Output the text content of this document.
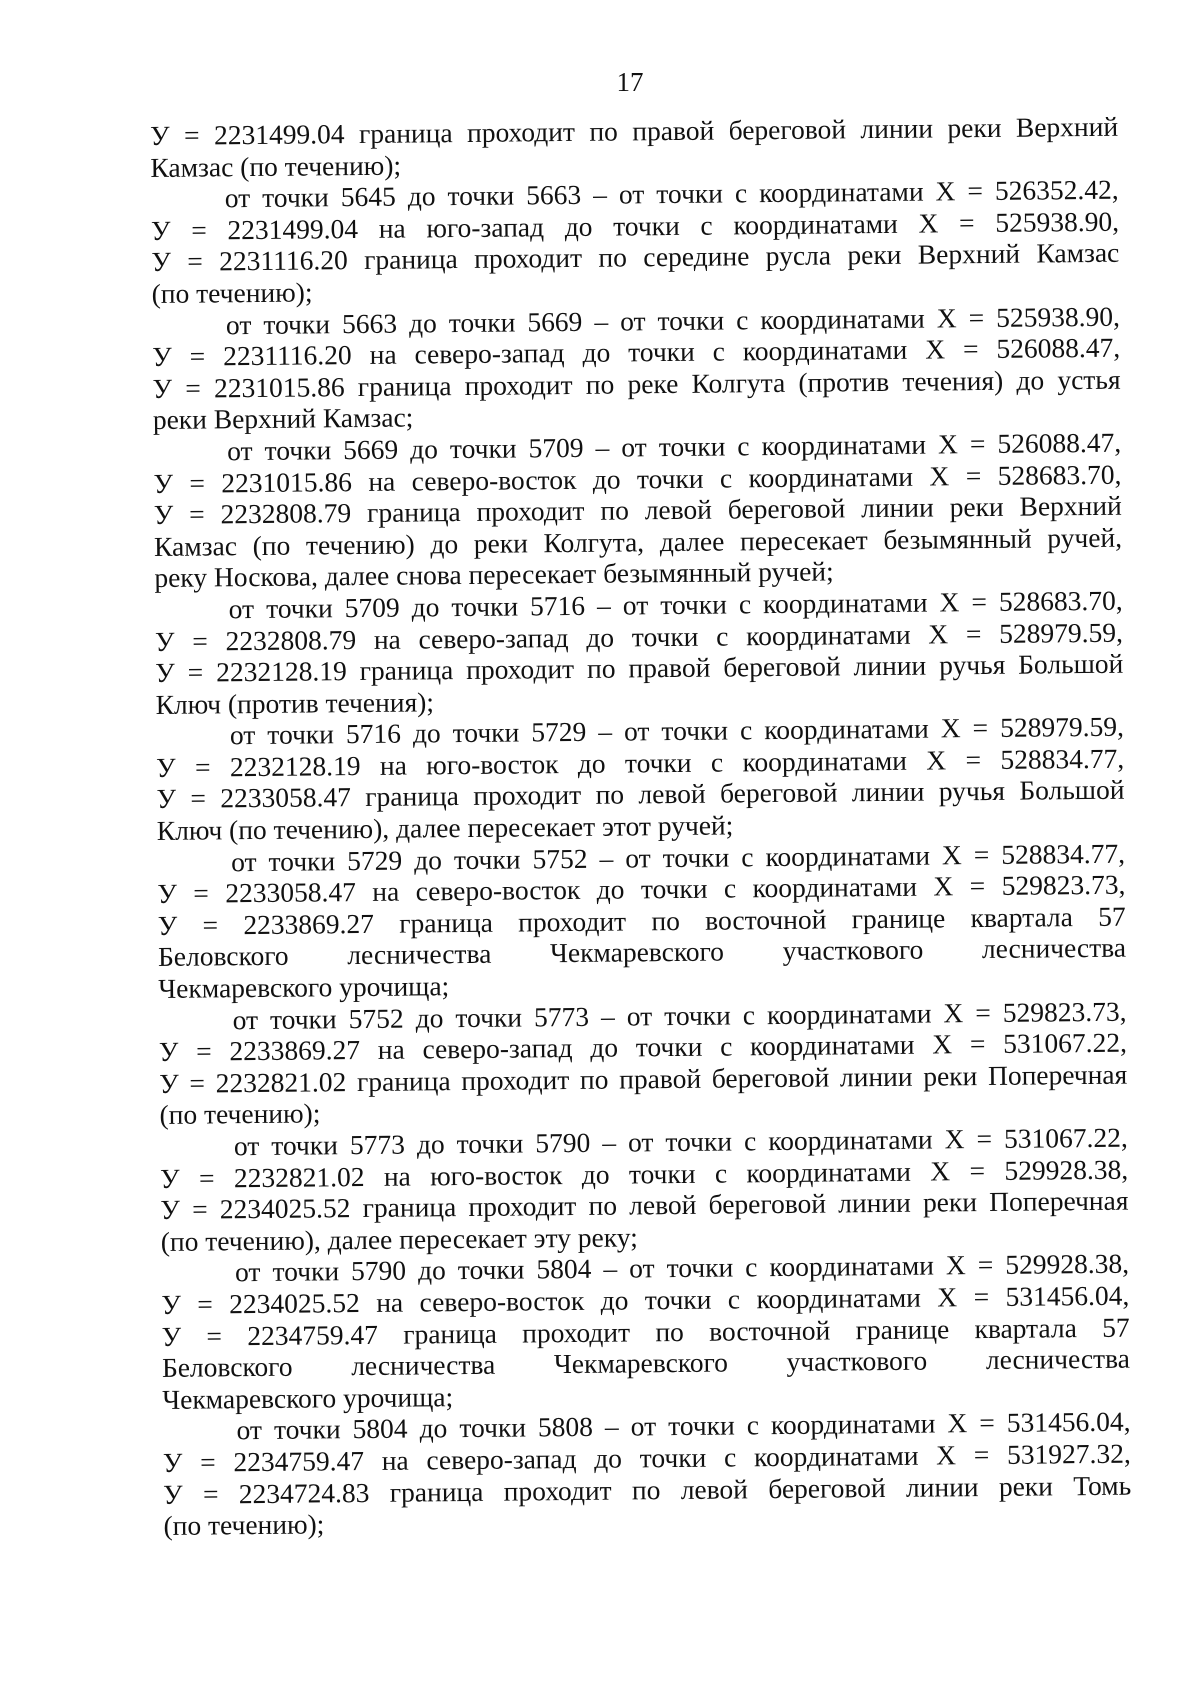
17
У = 2231499.04 граница проходит по правой береговой линии реки Верхний
Камзас (по течению);
от точки 5645 до точки 5663 – от точки с координатами Х = 526352.42,
У = 2231499.04 на юго-запад до точки с координатами Х = 525938.90,
У = 2231116.20 граница проходит по середине русла реки Верхний Камзас
(по течению);
от точки 5663 до точки 5669 – от точки с координатами Х = 525938.90,
У = 2231116.20 на северо-запад до точки с координатами Х = 526088.47,
У = 2231015.86 граница проходит по реке Колгута (против течения) до устья
реки Верхний Камзас;
от точки 5669 до точки 5709 – от точки с координатами Х = 526088.47,
У = 2231015.86 на северо-восток до точки с координатами Х = 528683.70,
У = 2232808.79 граница проходит по левой береговой линии реки Верхний
Камзас (по течению) до реки Колгута, далее пересекает безымянный ручей,
реку Носкова, далее снова пересекает безымянный ручей;
от точки 5709 до точки 5716 – от точки с координатами Х = 528683.70,
У = 2232808.79 на северо-запад до точки с координатами Х = 528979.59,
У = 2232128.19 граница проходит по правой береговой линии ручья Большой
Ключ (против течения);
от точки 5716 до точки 5729 – от точки с координатами Х = 528979.59,
У = 2232128.19 на юго-восток до точки с координатами Х = 528834.77,
У = 2233058.47 граница проходит по левой береговой линии ручья Большой
Ключ (по течению), далее пересекает этот ручей;
от точки 5729 до точки 5752 – от точки с координатами Х = 528834.77,
У = 2233058.47 на северо-восток до точки с координатами Х = 529823.73,
У = 2233869.27 граница проходит по восточной границе квартала 57
Беловского лесничества Чекмаревского участкового лесничества
Чекмаревского урочища;
от точки 5752 до точки 5773 – от точки с координатами Х = 529823.73,
У = 2233869.27 на северо-запад до точки с координатами Х = 531067.22,
У = 2232821.02 граница проходит по правой береговой линии реки Поперечная
(по течению);
от точки 5773 до точки 5790 – от точки с координатами Х = 531067.22,
У = 2232821.02 на юго-восток до точки с координатами Х = 529928.38,
У = 2234025.52 граница проходит по левой береговой линии реки Поперечная
(по течению), далее пересекает эту реку;
от точки 5790 до точки 5804 – от точки с координатами Х = 529928.38,
У = 2234025.52 на северо-восток до точки с координатами Х = 531456.04,
У = 2234759.47 граница проходит по восточной границе квартала 57
Беловского лесничества Чекмаревского участкового лесничества
Чекмаревского урочища;
от точки 5804 до точки 5808 – от точки с координатами Х = 531456.04,
У = 2234759.47 на северо-запад до точки с координатами Х = 531927.32,
У = 2234724.83 граница проходит по левой береговой линии реки Томь
(по течению);
